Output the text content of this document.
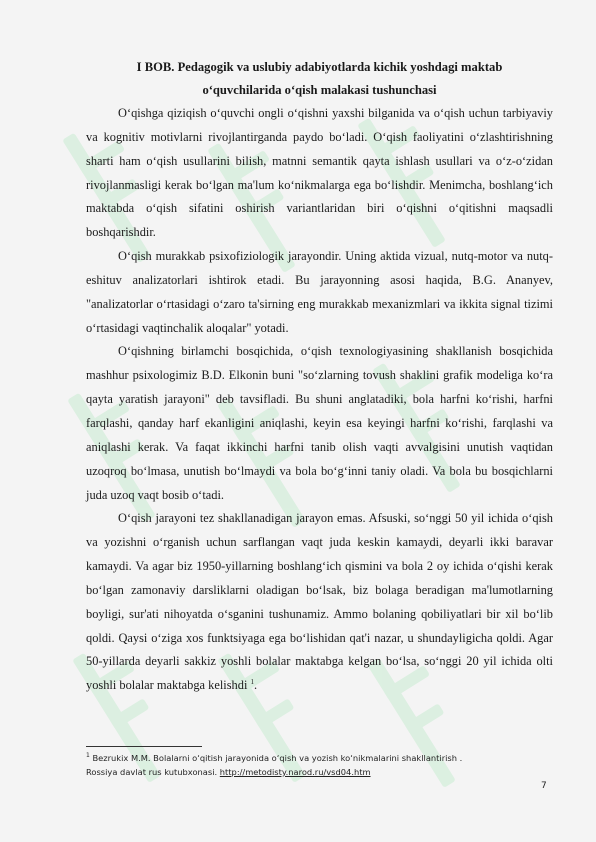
I BOB. Pedagogik va uslubiy adabiyotlarda kichik yoshdagi maktab
o‘quvchilarida o‘qish malakasi tushunchasi

O‘qishga qiziqish o‘quvchi ongli o‘qishni yaxshi bilganida va o‘qish uchun tarbiyaviy va kognitiv motivlarni rivojlantirganda paydo bo‘ladi. O‘qish faoliyatini o‘zlashtirishning sharti ham o‘qish usullarini bilish, matnni semantik qayta ishlash usullari va o‘z-o‘zidan rivojlanmasligi kerak bo‘lgan ma'lum ko‘nikmalarga ega bo‘lishdir. Menimcha, boshlang‘ich maktabda o‘qish sifatini oshirish variantlaridan biri o‘qishni o‘qitishni maqsadli boshqarishdir.

O‘qish murakkab psixofiziologik jarayondir. Uning aktida vizual, nutq-motor va nutq-eshituv analizatorlari ishtirok etadi. Bu jarayonning asosi haqida, B.G. Ananyev, "analizatorlar o‘rtasidagi o‘zaro ta'sirning eng murakkab mexanizmlari va ikkita signal tizimi o‘rtasidagi vaqtinchalik aloqalar" yotadi.

O‘qishning birlamchi bosqichida, o‘qish texnologiyasining shakllanish bosqichida mashhur psixologimiz B.D. Elkonin buni "so‘zlarning tovush shaklini grafik modeliga ko‘ra qayta yaratish jarayoni" deb tavsifladi. Bu shuni anglatadiki, bola harfni ko‘rishi, harfni farqlashi, qanday harf ekanligini aniqlashi, keyin esa keyingi harfni ko‘rishi, farqlashi va aniqlashi kerak. Va faqat ikkinchi harfni tanib olish vaqti avvalgisini unutish vaqtidan uzoqroq bo‘lmasa, unutish bo‘lmaydi va bola bo‘g‘inni taniy oladi. Va bola bu bosqichlarni juda uzoq vaqt bosib o‘tadi.

O‘qish jarayoni tez shakllanadigan jarayon emas. Afsuski, so‘nggi 50 yil ichida o‘qish va yozishni o‘rganish uchun sarflangan vaqt juda keskin kamaydi, deyarli ikki baravar kamaydi. Va agar biz 1950-yillarning boshlang‘ich qismini va bola 2 oy ichida o‘qishi kerak bo‘lgan zamonaviy darsliklarni oladigan bo‘lsak, biz bolaga beradigan ma'lumotlarning boyligi, sur'ati nihoyatda o‘sganini tushunamiz. Ammo bolaning qobiliyatlari bir xil bo‘lib qoldi. Qaysi o‘ziga xos funktsiyaga ega bo‘lishidan qat'i nazar, u shundayligicha qoldi. Agar 50-yillarda deyarli sakkiz yoshli bolalar maktabga kelgan bo‘lsa, so‘nggi 20 yil ichida olti yoshli bolalar maktabga kelishdi $^1$.

$^1$ Bezrukix M.M. Bolalarni o‘qitish jarayonida o‘qish va yozish ko‘nikmalarini shakllantirish .
Rossiya davlat rus kutubxonasi. http://metodisty.narod.ru/vsd04.htm
7
